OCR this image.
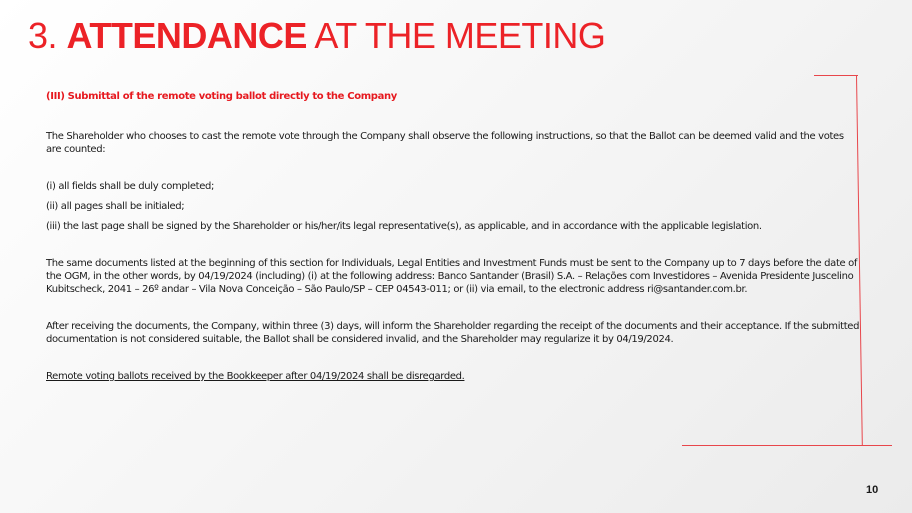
3. ATTENDANCE AT THE MEETING

(III) Submittal of the remote voting ballot directly to the Company

The Shareholder who chooses to cast the remote vote through the Company shall observe the following instructions, so that the Ballot can be deemed valid and the votes are counted:

(i) all fields shall be duly completed;

(ii) all pages shall be initialed;

(iii) the last page shall be signed by the Shareholder or his/her/its legal representative(s), as applicable, and in accordance with the applicable legislation.

The same documents listed at the beginning of this section for Individuals, Legal Entities and Investment Funds must be sent to the Company up to 7 days before the date of the OGM, in the other words, by 04/19/2024 (including) (i) at the following address: Banco Santander (Brasil) S.A. – Relações com Investidores – Avenida Presidente Juscelino Kubitscheck, 2041 – 26º andar – Vila Nova Conceição – São Paulo/SP – CEP 04543-011; or (ii) via email, to the electronic address ri@santander.com.br.

After receiving the documents, the Company, within three (3) days, will inform the Shareholder regarding the receipt of the documents and their acceptance. If the submitted documentation is not considered suitable, the Ballot shall be considered invalid, and the Shareholder may regularize it by 04/19/2024.

Remote voting ballots received by the Bookkeeper after 04/19/2024 shall be disregarded.

10
